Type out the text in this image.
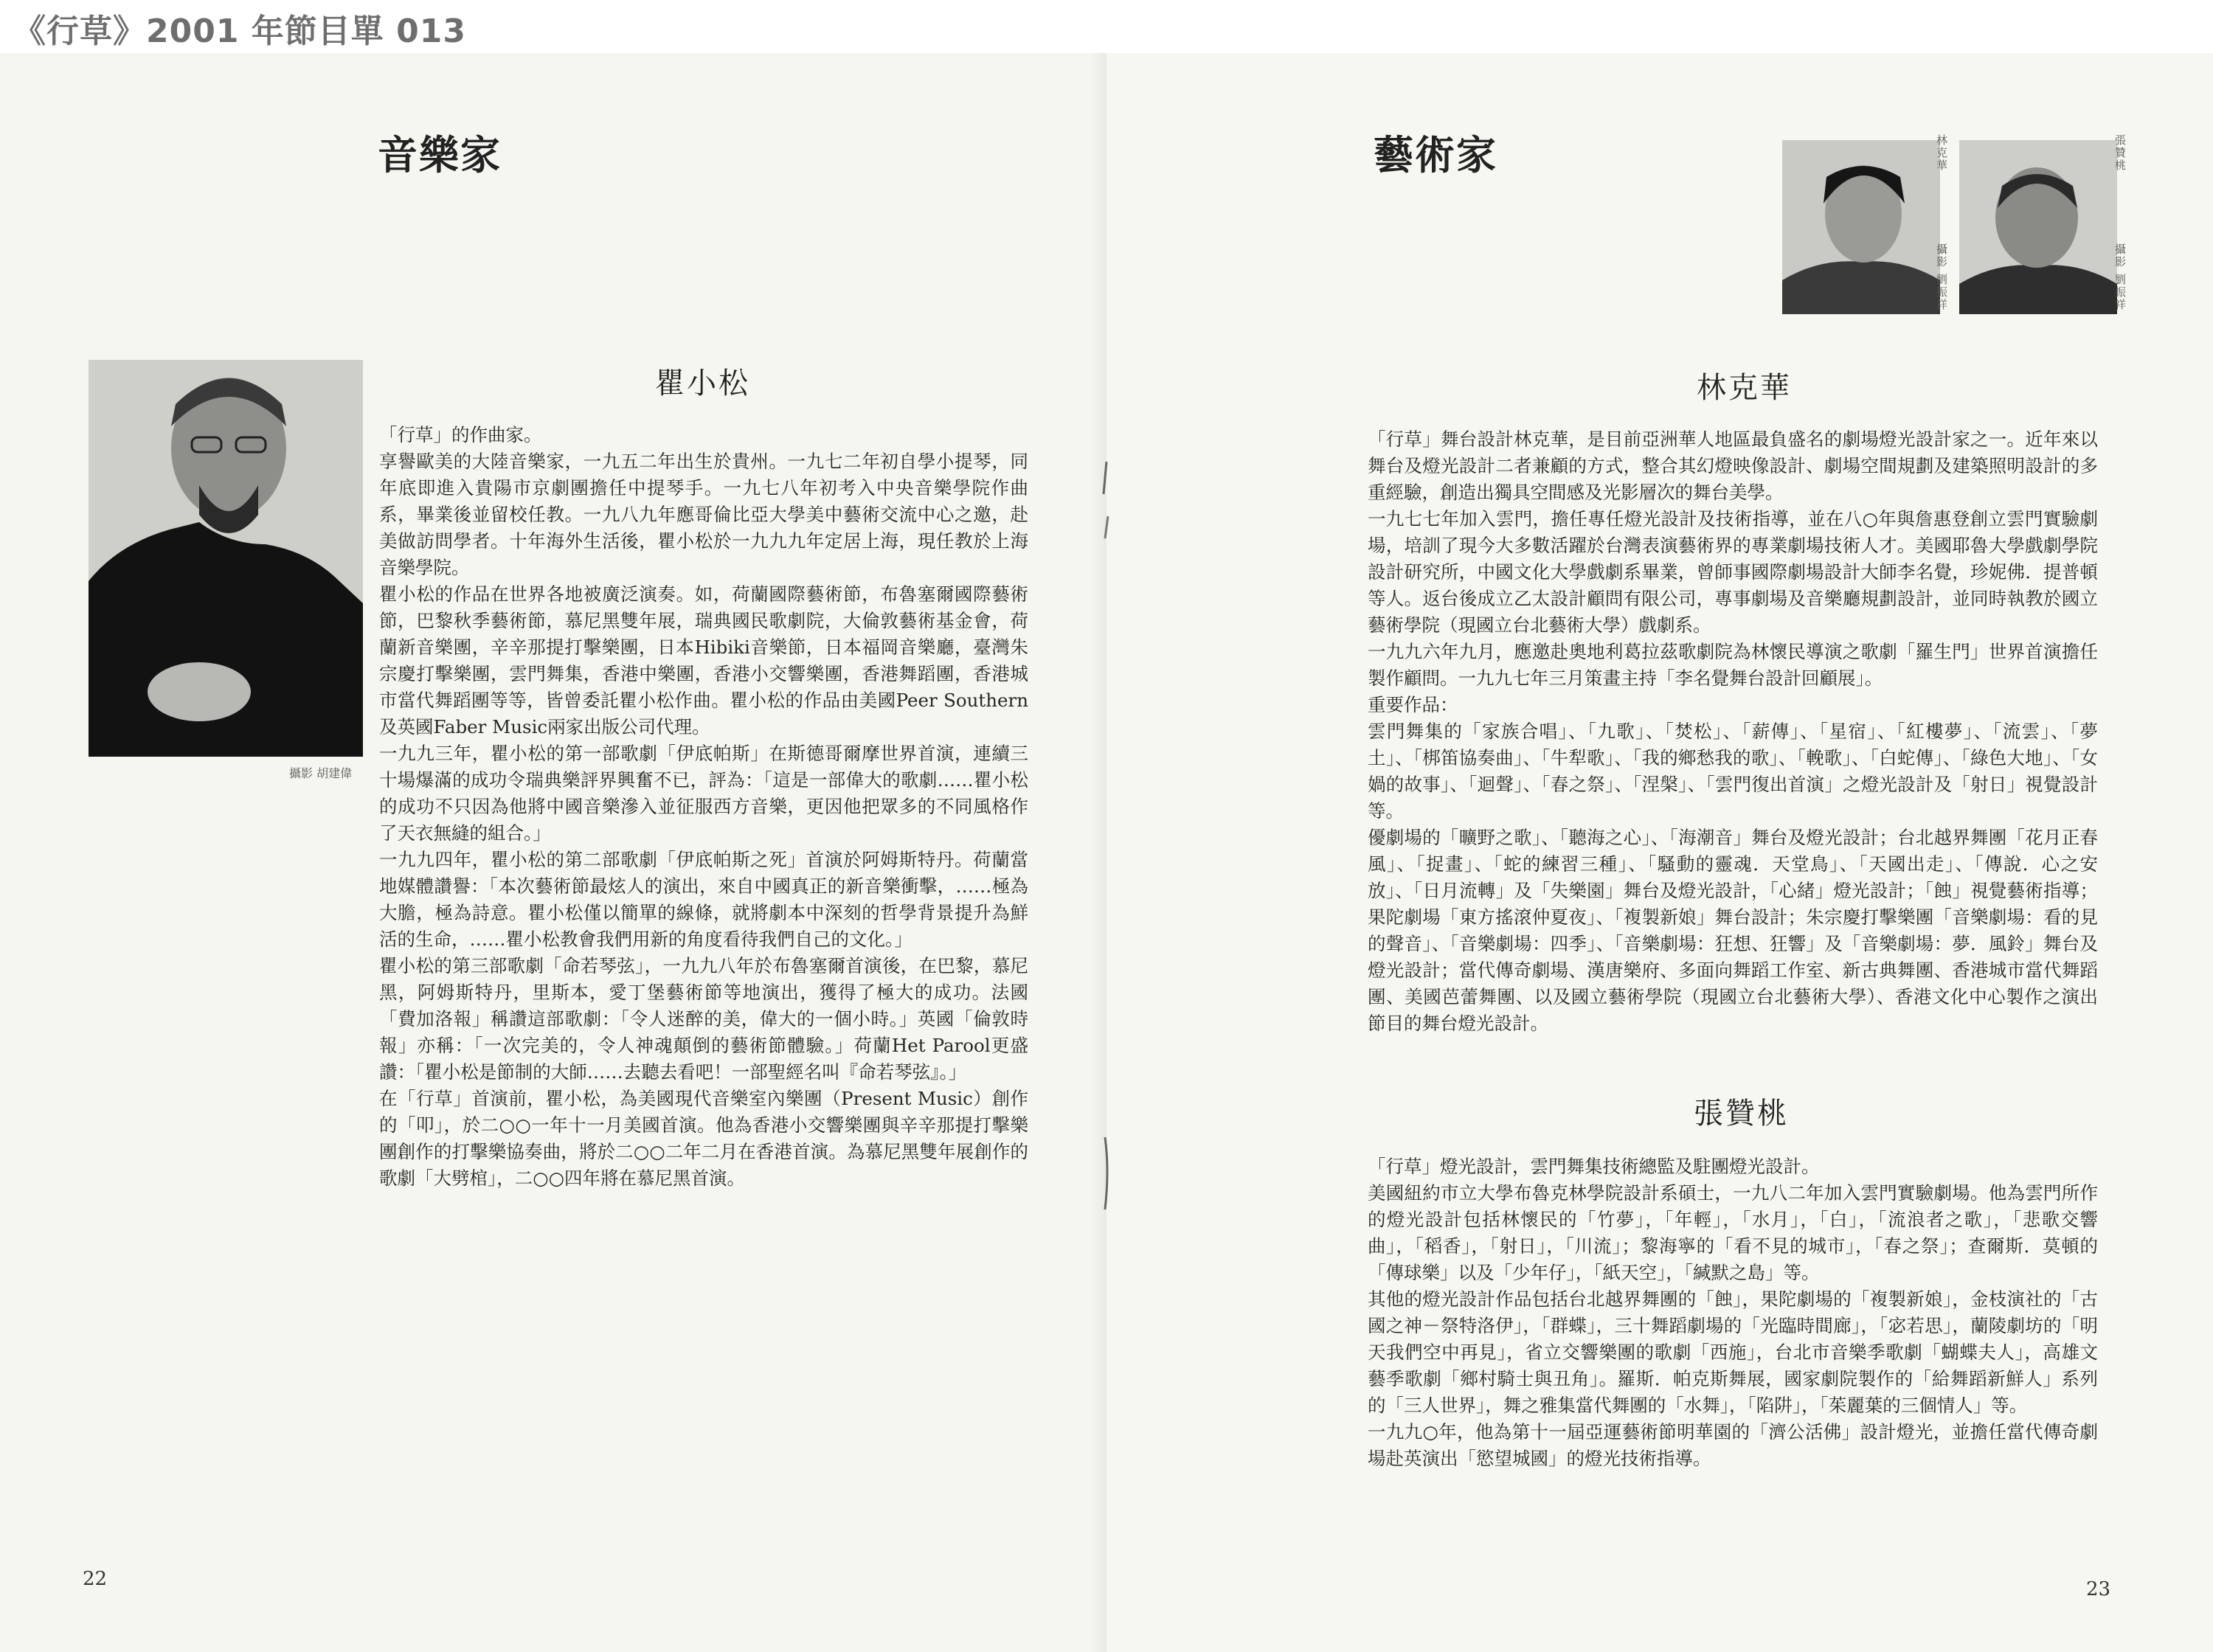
《行草》2001 年節目單 013
音樂家
攝影 胡建偉
瞿小松

「行草」的作曲家。

享譽歐美的大陸音樂家，一九五二年出生於貴州。一九七二年初自學小提琴，同年底即進入貴陽市京劇團擔任中提琴手。一九七八年初考入中央音樂學院作曲系，畢業後並留校任教。一九八九年應哥倫比亞大學美中藝術交流中心之邀，赴美做訪問學者。十年海外生活後，瞿小松於一九九九年定居上海，現任教於上海音樂學院。

瞿小松的作品在世界各地被廣泛演奏。如，荷蘭國際藝術節，布魯塞爾國際藝術節，巴黎秋季藝術節，慕尼黑雙年展，瑞典國民歌劇院，大倫敦藝術基金會，荷蘭新音樂團，辛辛那提打擊樂團，日本Hibiki音樂節，日本福岡音樂廳，臺灣朱宗慶打擊樂團，雲門舞集，香港中樂團，香港小交響樂團，香港舞蹈團，香港城市當代舞蹈團等等，皆曾委託瞿小松作曲。瞿小松的作品由美國Peer Southern及英國Faber Music兩家出版公司代理。

一九九三年，瞿小松的第一部歌劇「伊底帕斯」在斯德哥爾摩世界首演，連續三十場爆滿的成功令瑞典樂評界興奮不已，評為：「這是一部偉大的歌劇……瞿小松的成功不只因為他將中國音樂滲入並征服西方音樂，更因他把眾多的不同風格作了天衣無縫的組合。」

一九九四年，瞿小松的第二部歌劇「伊底帕斯之死」首演於阿姆斯特丹。荷蘭當地媒體讚譽：「本次藝術節最炫人的演出，來自中國真正的新音樂衝擊，……極為大膽，極為詩意。瞿小松僅以簡單的線條，就將劇本中深刻的哲學背景提升為鮮活的生命，……瞿小松教會我們用新的角度看待我們自己的文化。」

瞿小松的第三部歌劇「命若琴弦」，一九九八年於布魯塞爾首演後，在巴黎，慕尼黑，阿姆斯特丹，里斯本，愛丁堡藝術節等地演出，獲得了極大的成功。法國「費加洛報」稱讚這部歌劇：「令人迷醉的美，偉大的一個小時。」英國「倫敦時報」亦稱：「一次完美的，令人神魂顛倒的藝術節體驗。」荷蘭Het Parool更盛讚：「瞿小松是節制的大師……去聽去看吧！一部聖經名叫『命若琴弦』。」

在「行草」首演前，瞿小松，為美國現代音樂室內樂團（Present Music）創作的「叩」，於二○○一年十一月美國首演。他為香港小交響樂團與辛辛那提打擊樂團創作的打擊樂協奏曲，將於二○○二年二月在香港首演。為慕尼黑雙年展創作的歌劇「大劈棺」，二○○四年將在慕尼黑首演。

22
藝術家	林克華
攝影 劉振祥
張贊桃
攝影 劉振祥
林克華

「行草」舞台設計林克華，是目前亞洲華人地區最負盛名的劇場燈光設計家之一。近年來以舞台及燈光設計二者兼顧的方式，整合其幻燈映像設計、劇場空間規劃及建築照明設計的多重經驗，創造出獨具空間感及光影層次的舞台美學。

一九七七年加入雲門，擔任專任燈光設計及技術指導，並在八○年與詹惠登創立雲門實驗劇場，培訓了現今大多數活躍於台灣表演藝術界的專業劇場技術人才。美國耶魯大學戲劇學院設計研究所，中國文化大學戲劇系畢業，曾師事國際劇場設計大師李名覺，珍妮佛．提普頓等人。返台後成立乙太設計顧問有限公司，專事劇場及音樂廳規劃設計，並同時執教於國立藝術學院（現國立台北藝術大學）戲劇系。

一九九六年九月，應邀赴奧地利葛拉茲歌劇院為林懷民導演之歌劇「羅生門」世界首演擔任製作顧問。一九九七年三月策畫主持「李名覺舞台設計回顧展」。

重要作品：

雲門舞集的「家族合唱」、「九歌」、「焚松」、「薪傳」、「星宿」、「紅樓夢」、「流雲」、「夢土」、「梆笛協奏曲」、「牛犁歌」、「我的鄉愁我的歌」、「輓歌」、「白蛇傳」、「綠色大地」、「女媧的故事」、「迴聲」、「春之祭」、「涅槃」、「雲門復出首演」之燈光設計及「射日」視覺設計等。

優劇場的「曠野之歌」、「聽海之心」、「海潮音」舞台及燈光設計；台北越界舞團「花月正春風」、「捉畫」、「蛇的練習三種」、「騷動的靈魂．天堂鳥」、「天國出走」、「傳說．心之安放」、「日月流轉」及「失樂園」舞台及燈光設計，「心緒」燈光設計；「蝕」視覺藝術指導；果陀劇場「東方搖滾仲夏夜」、「複製新娘」舞台設計；朱宗慶打擊樂團「音樂劇場：看的見的聲音」、「音樂劇場：四季」、「音樂劇場：狂想、狂響」及「音樂劇場：夢．風鈴」舞台及燈光設計；當代傳奇劇場、漢唐樂府、多面向舞蹈工作室、新古典舞團、香港城市當代舞蹈團、美國芭蕾舞團、以及國立藝術學院（現國立台北藝術大學）、香港文化中心製作之演出節目的舞台燈光設計。

張贊桃

「行草」燈光設計，雲門舞集技術總監及駐團燈光設計。

美國紐約市立大學布魯克林學院設計系碩士，一九八二年加入雲門實驗劇場。他為雲門所作的燈光設計包括林懷民的「竹夢」，「年輕」，「水月」，「白」，「流浪者之歌」，「悲歌交響曲」，「稻香」，「射日」，「川流」；黎海寧的「看不見的城市」，「春之祭」；查爾斯．莫頓的「傳球樂」以及「少年仔」，「紙天空」，「緘默之島」等。

其他的燈光設計作品包括台北越界舞團的「蝕」，果陀劇場的「複製新娘」，金枝演社的「古國之神－祭特洛伊」，「群蝶」，三十舞蹈劇場的「光臨時間廊」，「宓若思」，蘭陵劇坊的「明天我們空中再見」，省立交響樂團的歌劇「西施」，台北市音樂季歌劇「蝴蝶夫人」，高雄文藝季歌劇「鄉村騎士與丑角」。羅斯．帕克斯舞展，國家劇院製作的「給舞蹈新鮮人」系列的「三人世界」，舞之雅集當代舞團的「水舞」，「陷阱」，「茱麗葉的三個情人」等。

一九九○年，他為第十一屆亞運藝術節明華園的「濟公活佛」設計燈光，並擔任當代傳奇劇場赴英演出「慾望城國」的燈光技術指導。

23
